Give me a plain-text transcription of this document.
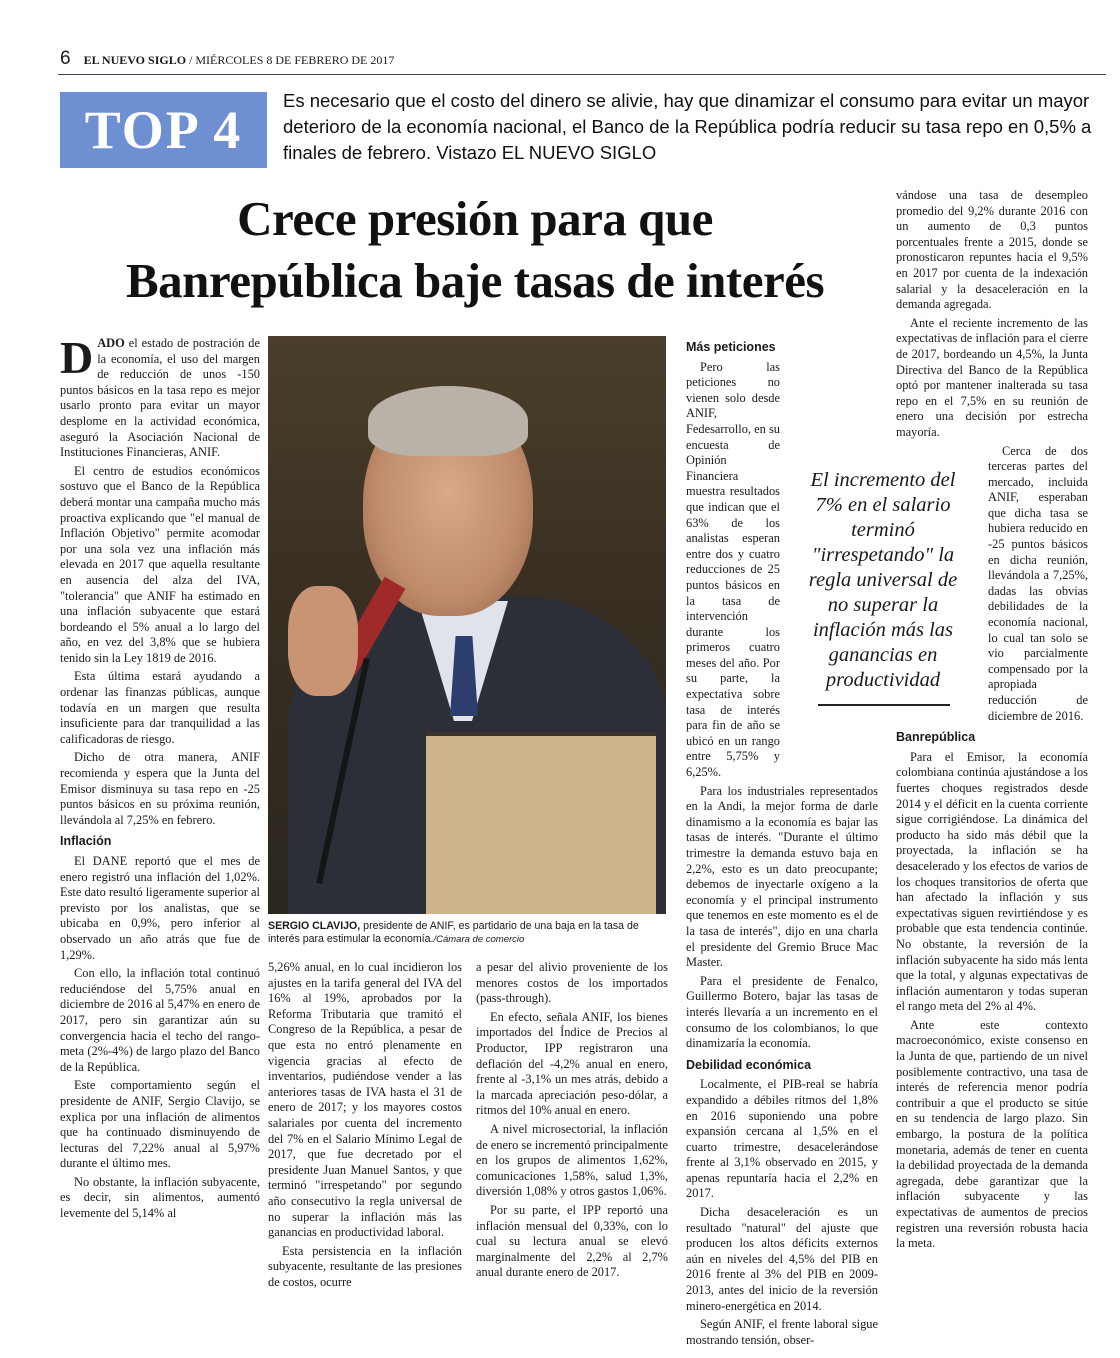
6 EL NUEVO SIGLO / MIÉRCOLES 8 DE FEBRERO DE 2017
TOP 4 Es necesario que el costo del dinero se alivie, hay que dinamizar el consumo para evitar un mayor deterioro de la economía nacional, el Banco de la República podría reducir su tasa repo en 0,5% a finales de febrero. Vistazo EL NUEVO SIGLO
Crece presión para que
Banrepública baje tasas de interés

DADO el estado de postración de la economía, el uso del margen de reducción de unos -150 puntos básicos en la tasa repo es mejor usarlo pronto para evitar un mayor desplome en la actividad económica, aseguró la Asociación Nacional de Instituciones Financieras, ANIF.

El centro de estudios económicos sostuvo que el Banco de la República deberá montar una campaña mucho más proactiva explicando que "el manual de Inflación Objetivo" permite acomodar por una sola vez una inflación más elevada en 2017 que aquella resultante en ausencia del alza del IVA, "tolerancia" que ANIF ha estimado en una inflación subyacente que estará bordeando el 5% anual a lo largo del año, en vez del 3,8% que se hubiera tenido sin la Ley 1819 de 2016.

Esta última estará ayudando a ordenar las finanzas públicas, aunque todavía en un margen que resulta insuficiente para dar tranquilidad a las calificadoras de riesgo.

Dicho de otra manera, ANIF recomienda y espera que la Junta del Emisor disminuya su tasa repo en -25 puntos básicos en su próxima reunión, llevándola al 7,25% en febrero.

Inflación

El DANE reportó que el mes de enero registró una inflación del 1,02%. Este dato resultó ligeramente superior al previsto por los analistas, que se ubicaba en 0,9%, pero inferior al observado un año atrás que fue de 1,29%.

Con ello, la inflación total continuó reduciéndose del 5,75% anual en diciembre de 2016 al 5,47% en enero de 2017, pero sin garantizar aún su convergencia hacia el techo del rango-meta (2%-4%) de largo plazo del Banco de la República.

Este comportamiento según el presidente de ANIF, Sergio Clavijo, se explica por una inflación de alimentos que ha continuado disminuyendo de lecturas del 7,22% anual al 5,97% durante el último mes.

No obstante, la inflación subyacente, es decir, sin alimentos, aumentó levemente del 5,14% al

SERGIO CLAVIJO, presidente de ANIF, es partidario de una baja en la tasa de interés para estimular la economía./Cámara de comercio

5,26% anual, en lo cual incidieron los ajustes en la tarifa general del IVA del 16% al 19%, aprobados por la Reforma Tributaria que tramitó el Congreso de la República, a pesar de que esta no entró plenamente en vigencia gracias al efecto de inventarios, pudiéndose vender a las anteriores tasas de IVA hasta el 31 de enero de 2017; y los mayores costos salariales por cuenta del incremento del 7% en el Salario Mínimo Legal de 2017, que fue decretado por el presidente Juan Manuel Santos, y que terminó "irrespetando" por segundo año consecutivo la regla universal de no superar la inflación más las ganancias en productividad laboral.

Esta persistencia en la inflación subyacente, resultante de las presiones de costos, ocurre

a pesar del alivio proveniente de los menores costos de los importados (pass-through).

En efecto, señala ANIF, los bienes importados del Índice de Precios al Productor, IPP registraron una deflación del -4,2% anual en enero, frente al -3,1% un mes atrás, debido a la marcada apreciación peso-dólar, a ritmos del 10% anual en enero.

A nivel microsectorial, la inflación de enero se incrementó principalmente en los grupos de alimentos 1,62%, comunicaciones 1,58%, salud 1,3%, diversión 1,08% y otros gastos 1,06%.

Por su parte, el IPP reportó una inflación mensual del 0,33%, con lo cual su lectura anual se elevó marginalmente del 2,2% al 2,7% anual durante enero de 2017.

Más peticiones

Pero las peticiones no vienen solo desde ANIF, Fedesarrollo, en su encuesta de Opinión Financiera muestra resultados que indican que el 63% de los analistas esperan entre dos y cuatro reducciones de 25 puntos básicos en la tasa de intervención durante los primeros cuatro meses del año. Por su parte, la expectativa sobre tasa de interés para fin de año se ubicó en un rango entre 5,75% y 6,25%.

Para los industriales representados en la Andi, la mejor forma de darle dinamismo a la economía es bajar las tasas de interés. "Durante el último trimestre la demanda estuvo baja en 2,2%, esto es un dato preocupante; debemos de inyectarle oxígeno a la economía y el principal instrumento que tenemos en este momento es el de la tasa de interés", dijo en una charla el presidente del Gremio Bruce Mac Master.

Para el presidente de Fenalco, Guillermo Botero, bajar las tasas de interés llevaría a un incremento en el consumo de los colombianos, lo que dinamizaría la economía.

Debilidad económica

Localmente, el PIB-real se habría expandido a débiles ritmos del 1,8% en 2016 suponiendo una pobre expansión cercana al 1,5% en el cuarto trimestre, desacelerándose frente al 3,1% observado en 2015, y apenas repuntaría hacia el 2,2% en 2017.

Dicha desaceleración es un resultado "natural" del ajuste que producen los altos déficits externos aún en niveles del 4,5% del PIB en 2016 frente al 3% del PIB en 2009-2013, antes del inicio de la reversión minero-energética en 2014.

Según ANIF, el frente laboral sigue mostrando tensión, obser-

El incremento del 7% en el salario terminó "irrespetando" la regla universal de no superar la inflación más las ganancias en productividad

vándose una tasa de desempleo promedio del 9,2% durante 2016 con un aumento de 0,3 puntos porcentuales frente a 2015, donde se pronosticaron repuntes hacia el 9,5% en 2017 por cuenta de la indexación salarial y la desaceleración en la demanda agregada.

Ante el reciente incremento de las expectativas de inflación para el cierre de 2017, bordeando un 4,5%, la Junta Directiva del Banco de la República optó por mantener inalterada su tasa repo en el 7,5% en su reunión de enero una decisión por estrecha mayoría.

Cerca de dos terceras partes del mercado, incluida ANIF, esperaban que dicha tasa se hubiera reducido en -25 puntos básicos en dicha reunión, llevándola a 7,25%, dadas las obvias debilidades de la economía nacional, lo cual tan solo se vio parcialmente compensado por la apropiada reducción de diciembre de 2016.

Banrepública

Para el Emisor, la economía colombiana continúa ajustándose a los fuertes choques registrados desde 2014 y el déficit en la cuenta corriente sigue corrigiéndose. La dinámica del producto ha sido más débil que la proyectada, la inflación se ha desacelerado y los efectos de varios de los choques transitorios de oferta que han afectado la inflación y sus expectativas siguen revirtiéndose y es probable que esta tendencia continúe. No obstante, la reversión de la inflación subyacente ha sido más lenta que la total, y algunas expectativas de inflación aumentaron y todas superan el rango meta del 2% al 4%.

Ante este contexto macroeconómico, existe consenso en la Junta de que, partiendo de un nivel posiblemente contractivo, una tasa de interés de referencia menor podría contribuir a que el producto se sitúe en su tendencia de largo plazo. Sin embargo, la postura de la política monetaria, además de tener en cuenta la debilidad proyectada de la demanda agregada, debe garantizar que la inflación subyacente y las expectativas de aumentos de precios registren una reversión robusta hacia la meta.
